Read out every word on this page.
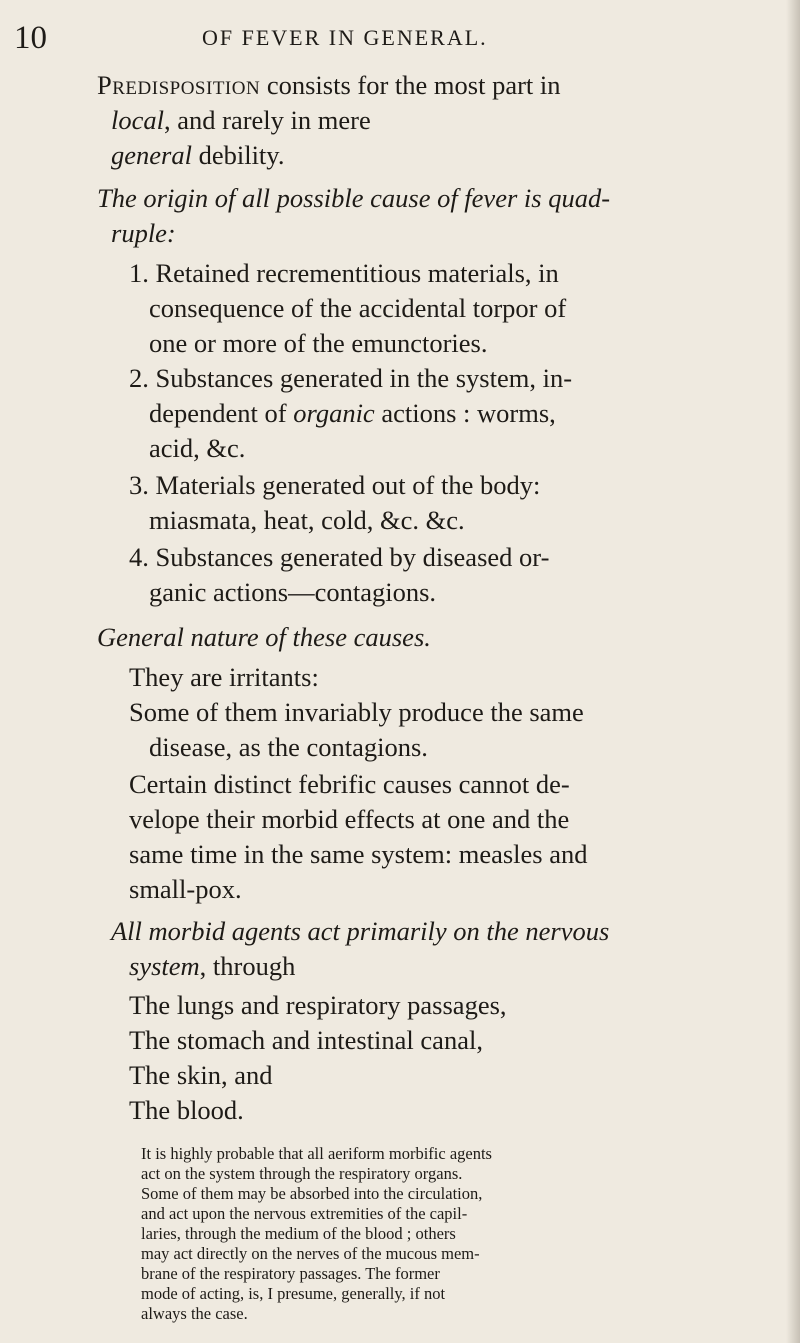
10	OF FEVER IN GENERAL.
Predisposition consists for the most part in
local, and rarely in mere
general debility.
The origin of all possible cause of fever is quad-
ruple:
1. Retained recrementitious materials, in
consequence of the accidental torpor of
one or more of the emunctories.
2. Substances generated in the system, in-
dependent of organic actions : worms,
acid, &c.
3. Materials generated out of the body:
miasmata, heat, cold, &c. &c.
4. Substances generated by diseased or-
ganic actions—contagions.
General nature of these causes.
They are irritants:
Some of them invariably produce the same
disease, as the contagions.
Certain distinct febrific causes cannot de-
velope their morbid effects at one and the
same time in the same system: measles and
small-pox.
All morbid agents act primarily on the nervous
system, through
The lungs and respiratory passages,
The stomach and intestinal canal,
The skin, and
The blood.
It is highly probable that all aeriform morbific agents
act on the system through the respiratory organs.
Some of them may be absorbed into the circulation,
and act upon the nervous extremities of the capil-
laries, through the medium of the blood ; others
may act directly on the nerves of the mucous mem-
brane of the respiratory passages. The former
mode of acting, is, I presume, generally, if not
always the case.
